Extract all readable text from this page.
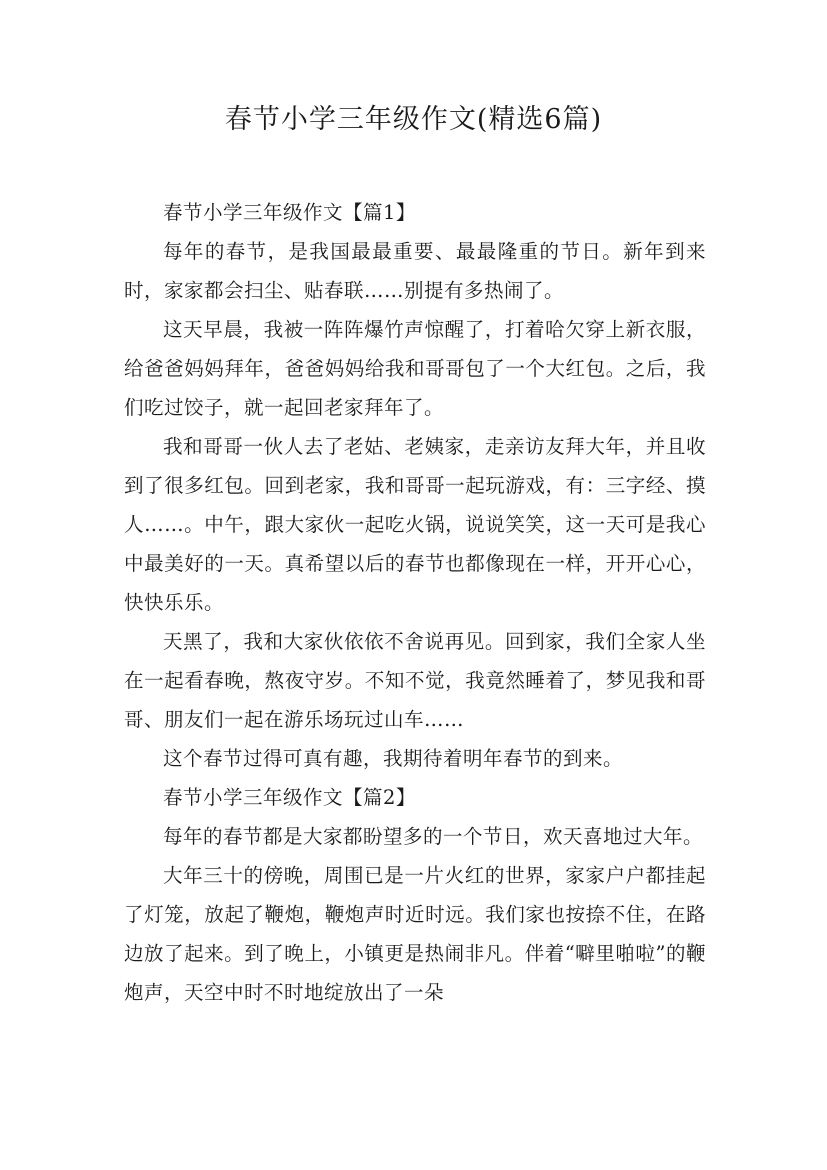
春节小学三年级作文(精选6篇)

春节小学三年级作文【篇1】

每年的春节，是我国最最重要、最最隆重的节日。新年到来时，家家都会扫尘、贴春联……别提有多热闹了。

这天早晨，我被一阵阵爆竹声惊醒了，打着哈欠穿上新衣服，给爸爸妈妈拜年，爸爸妈妈给我和哥哥包了一个大红包。之后，我们吃过饺子，就一起回老家拜年了。

我和哥哥一伙人去了老姑、老姨家，走亲访友拜大年，并且收到了很多红包。回到老家，我和哥哥一起玩游戏，有：三字经、摸人……。中午，跟大家伙一起吃火锅，说说笑笑，这一天可是我心中最美好的一天。真希望以后的春节也都像现在一样，开开心心，快快乐乐。

天黑了，我和大家伙依依不舍说再见。回到家，我们全家人坐在一起看春晚，熬夜守岁。不知不觉，我竟然睡着了，梦见我和哥哥、朋友们一起在游乐场玩过山车……

这个春节过得可真有趣，我期待着明年春节的到来。

春节小学三年级作文【篇2】

每年的春节都是大家都盼望多的一个节日，欢天喜地过大年。

大年三十的傍晚，周围已是一片火红的世界，家家户户都挂起了灯笼，放起了鞭炮，鞭炮声时近时远。我们家也按捺不住，在路边放了起来。到了晚上，小镇更是热闹非凡。伴着“噼里啪啦”的鞭炮声，天空中时不时地绽放出了一朵
